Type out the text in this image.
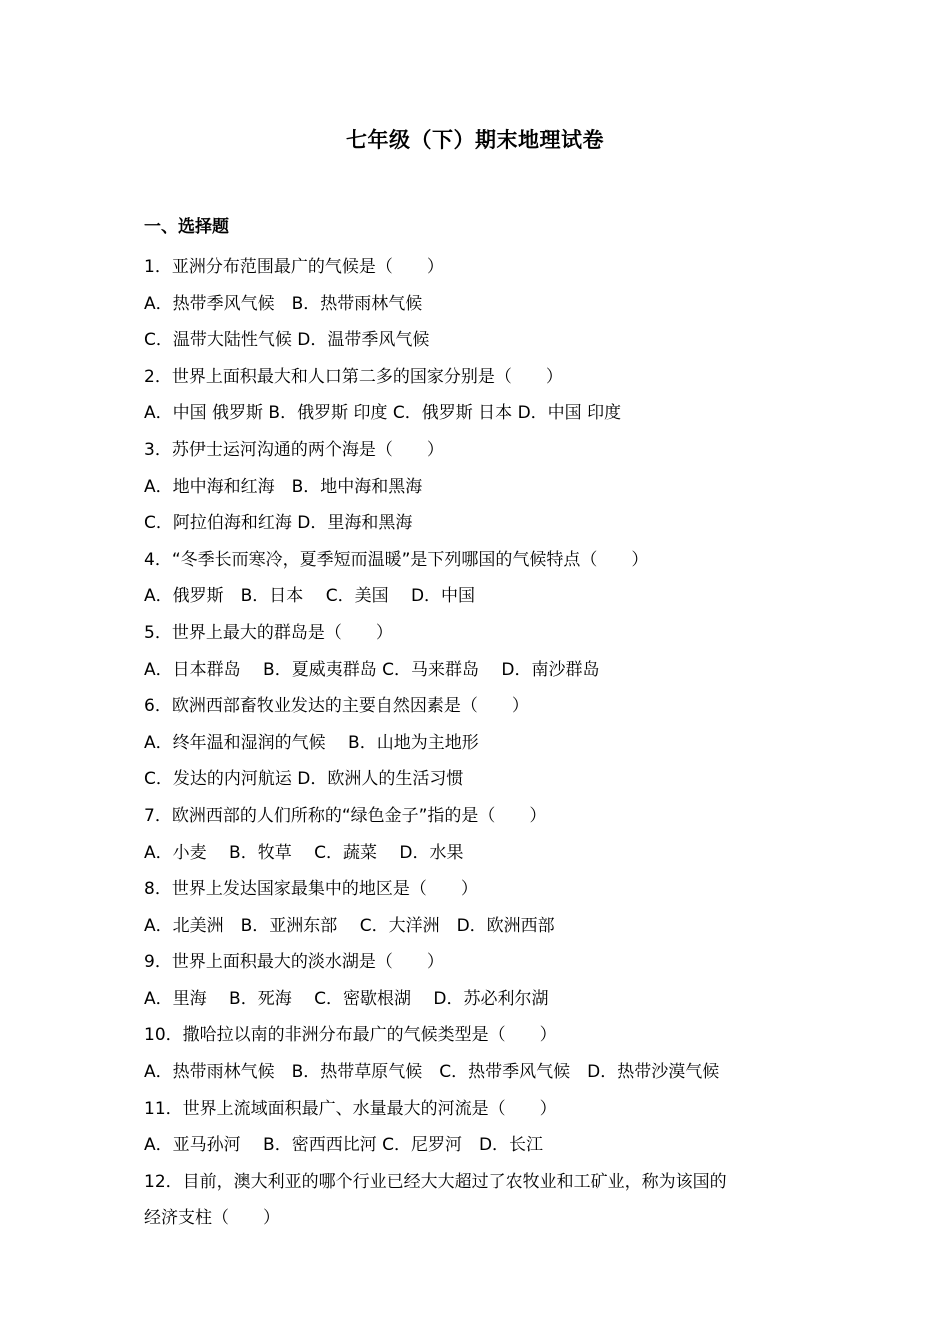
七年级（下）期末地理试卷
一、选择题
1．亚洲分布范围最广的气候是（　　）
A．热带季风气候　B．热带雨林气候
C．温带大陆性气候 D．温带季风气候
2．世界上面积最大和人口第二多的国家分别是（　　）
A．中国 俄罗斯 B．俄罗斯 印度 C．俄罗斯 日本 D．中国 印度
3．苏伊士运河沟通的两个海是（　　）
A．地中海和红海　B．地中海和黑海
C．阿拉伯海和红海 D．里海和黑海
4．“冬季长而寒冷，夏季短而温暖”是下列哪国的气候特点（　　）
A．俄罗斯　B．日本　 C．美国　 D．中国
5．世界上最大的群岛是（　　）
A．日本群岛　 B．夏威夷群岛 C．马来群岛　 D．南沙群岛
6．欧洲西部畜牧业发达的主要自然因素是（　　）
A．终年温和湿润的气候　 B．山地为主地形
C．发达的内河航运 D．欧洲人的生活习惯
7．欧洲西部的人们所称的“绿色金子”指的是（　　）
A．小麦　 B．牧草　 C．蔬菜　 D．水果
8．世界上发达国家最集中的地区是（　　）
A．北美洲　B．亚洲东部　 C．大洋洲　D．欧洲西部
9．世界上面积最大的淡水湖是（　　）
A．里海　 B．死海　 C．密歇根湖　 D．苏必利尔湖
10．撒哈拉以南的非洲分布最广的气候类型是（　　）
A．热带雨林气候　B．热带草原气候　C．热带季风气候　D．热带沙漠气候
11．世界上流域面积最广、水量最大的河流是（　　）
A．亚马孙河　 B．密西西比河 C．尼罗河　D．长江
12．目前，澳大利亚的哪个行业已经大大超过了农牧业和工矿业，称为该国的
经济支柱（　　）
